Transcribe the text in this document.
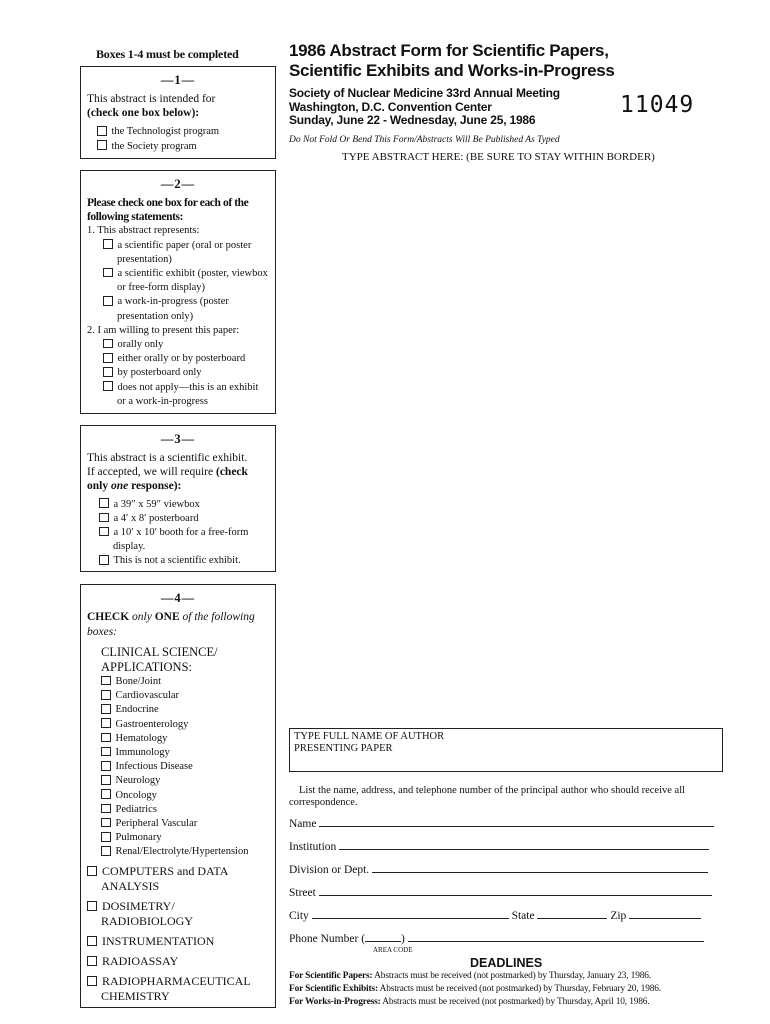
Boxes 1-4 must be completed
—1—
This abstract is intended for
(check one box below):
the Technologist program
the Society program
—2—
Please check one box for each of the following statements:
1. This abstract represents:
a scientific paper (oral or poster presentation)
a scientific exhibit (poster, viewbox or free-form display)
a work-in-progress (poster presentation only)
2. I am willing to present this paper:
orally only
either orally or by posterboard
by posterboard only
does not apply—this is an exhibit or a work-in-progress
—3—
This abstract is a scientific exhibit.
If accepted, we will require (check
only one response):
a 39″ x 59″ viewbox
a 4′ x 8′ posterboard
a 10′ x 10′ booth for a free-form display.
This is not a scientific exhibit.
—4—
CHECK only ONE of the following boxes:
CLINICAL SCIENCE/ APPLICATIONS:
Bone/Joint
Cardiovascular
Endocrine
Gastroenterology
Hematology
Immunology
Infectious Disease
Neurology
Oncology
Pediatrics
Peripheral Vascular
Pulmonary
Renal/Electrolyte/Hypertension
COMPUTERS and DATA ANALYSIS
DOSIMETRY/ RADIOBIOLOGY
INSTRUMENTATION
RADIOASSAY
RADIOPHARMACEUTICAL CHEMISTRY
1986 Abstract Form for Scientific Papers,
Scientific Exhibits and Works-in-Progress
Society of Nuclear Medicine 33rd Annual Meeting
Washington, D.C. Convention Center
Sunday, June 22 - Wednesday, June 25, 1986
11049
Do Not Fold Or Bend This Form/Abstracts Will Be Published As Typed
TYPE ABSTRACT HERE: (BE SURE TO STAY WITHIN BORDER)
TYPE FULL NAME OF AUTHOR
PRESENTING PAPER
List the name, address, and telephone number of the principal author who should receive all correspondence.
Name
Institution
Division or Dept.
Street
City	State	Zip
Phone Number (	)
AREA CODE
DEADLINES
For Scientific Papers: Abstracts must be received (not postmarked) by Thursday, January 23, 1986.
For Scientific Exhibits: Abstracts must be received (not postmarked) by Thursday, February 20, 1986.
For Works-in-Progress: Abstracts must be received (not postmarked) by Thursday, April 10, 1986.
